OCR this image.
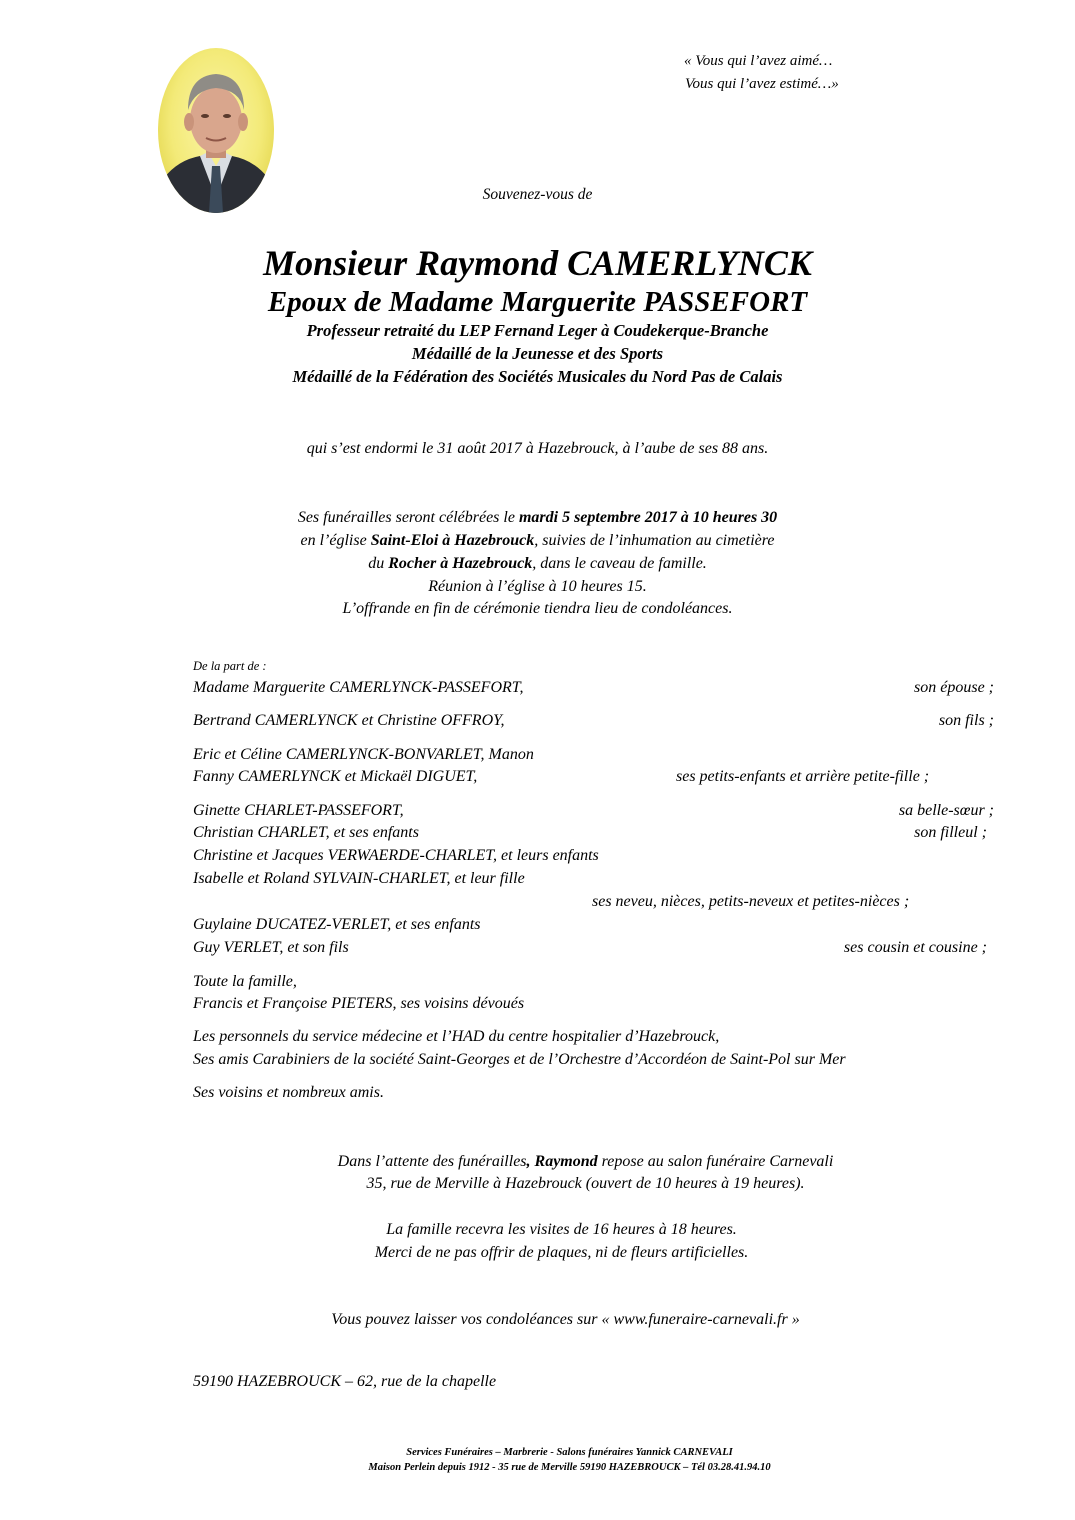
« Vous qui l’avez aimé…
Vous qui l’avez estimé…»
Souvenez-vous de
Monsieur Raymond CAMERLYNCK
Epoux de Madame Marguerite PASSEFORT
Professeur retraité du LEP Fernand Leger à Coudekerque-Branche
Médaillé de la Jeunesse et des Sports
Médaillé de la Fédération des Sociétés Musicales du Nord Pas de Calais
qui s’est endormi le 31 août 2017 à Hazebrouck, à l’aube de ses 88 ans.
Ses funérailles seront célébrées le mardi 5 septembre 2017 à 10 heures 30
en l’église Saint-Eloi à Hazebrouck, suivies de l’inhumation au cimetière
du Rocher à Hazebrouck, dans le caveau de famille.
Réunion à l’église à 10 heures 15.
L’offrande en fin de cérémonie tiendra lieu de condoléances.
De la part de :
Madame Marguerite CAMERLYNCK-PASSEFORT,	son épouse ;
Bertrand CAMERLYNCK et Christine OFFROY,	son fils ;
Eric et Céline CAMERLYNCK-BONVARLET, Manon
Fanny CAMERLYNCK et Mickaël DIGUET,	ses petits-enfants et arrière petite-fille ;
Ginette CHARLET-PASSEFORT,	sa belle-sœur ;
Christian CHARLET, et ses enfants	son filleul ;
Christine et Jacques VERWAERDE-CHARLET, et leurs enfants
Isabelle et Roland SYLVAIN-CHARLET, et leur fille
ses neveu, nièces, petits-neveux et petites-nièces ;
Guylaine DUCATEZ-VERLET, et ses enfants
Guy VERLET, et son fils	ses cousin et cousine ;
Toute la famille,
Francis et Françoise PIETERS, ses voisins dévoués
Les personnels du service médecine et l’HAD du centre hospitalier d’Hazebrouck,
Ses amis Carabiniers de la société Saint-Georges et de l’Orchestre d’Accordéon de Saint-Pol sur Mer
Ses voisins et nombreux amis.
Dans l’attente des funérailles, Raymond repose au salon funéraire Carnevali
35, rue de Merville à Hazebrouck (ouvert de 10 heures à 19 heures).
La famille recevra les visites de 16 heures à 18 heures.
Merci de ne pas offrir de plaques, ni de fleurs artificielles.
Vous pouvez laisser vos condoléances sur « www.funeraire-carnevali.fr »
59190 HAZEBROUCK – 62, rue de la chapelle
Services Funéraires – Marbrerie - Salons funéraires Yannick CARNEVALI
Maison Perlein depuis 1912 - 35 rue de Merville 59190 HAZEBROUCK – Tél 03.28.41.94.10
